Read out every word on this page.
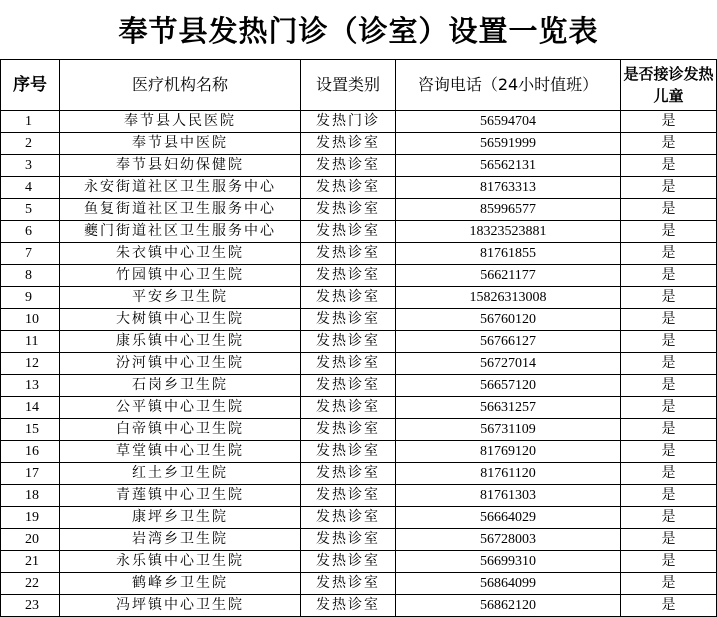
奉节县发热门诊（诊室）设置一览表
序号	医疗机构名称	设置类别	咨询电话（24小时值班）	是否接诊发热儿童
1	奉节县人民医院	发热门诊	56594704	是
2	奉节县中医院	发热诊室	56591999	是
3	奉节县妇幼保健院	发热诊室	56562131	是
4	永安街道社区卫生服务中心	发热诊室	81763313	是
5	鱼复街道社区卫生服务中心	发热诊室	85996577	是
6	夔门街道社区卫生服务中心	发热诊室	18323523881	是
7	朱衣镇中心卫生院	发热诊室	81761855	是
8	竹园镇中心卫生院	发热诊室	56621177	是
9	平安乡卫生院	发热诊室	15826313008	是
10	大树镇中心卫生院	发热诊室	56760120	是
11	康乐镇中心卫生院	发热诊室	56766127	是
12	汾河镇中心卫生院	发热诊室	56727014	是
13	石岗乡卫生院	发热诊室	56657120	是
14	公平镇中心卫生院	发热诊室	56631257	是
15	白帝镇中心卫生院	发热诊室	56731109	是
16	草堂镇中心卫生院	发热诊室	81769120	是
17	红土乡卫生院	发热诊室	81761120	是
18	青莲镇中心卫生院	发热诊室	81761303	是
19	康坪乡卫生院	发热诊室	56664029	是
20	岩湾乡卫生院	发热诊室	56728003	是
21	永乐镇中心卫生院	发热诊室	56699310	是
22	鹤峰乡卫生院	发热诊室	56864099	是
23	冯坪镇中心卫生院	发热诊室	56862120	是
